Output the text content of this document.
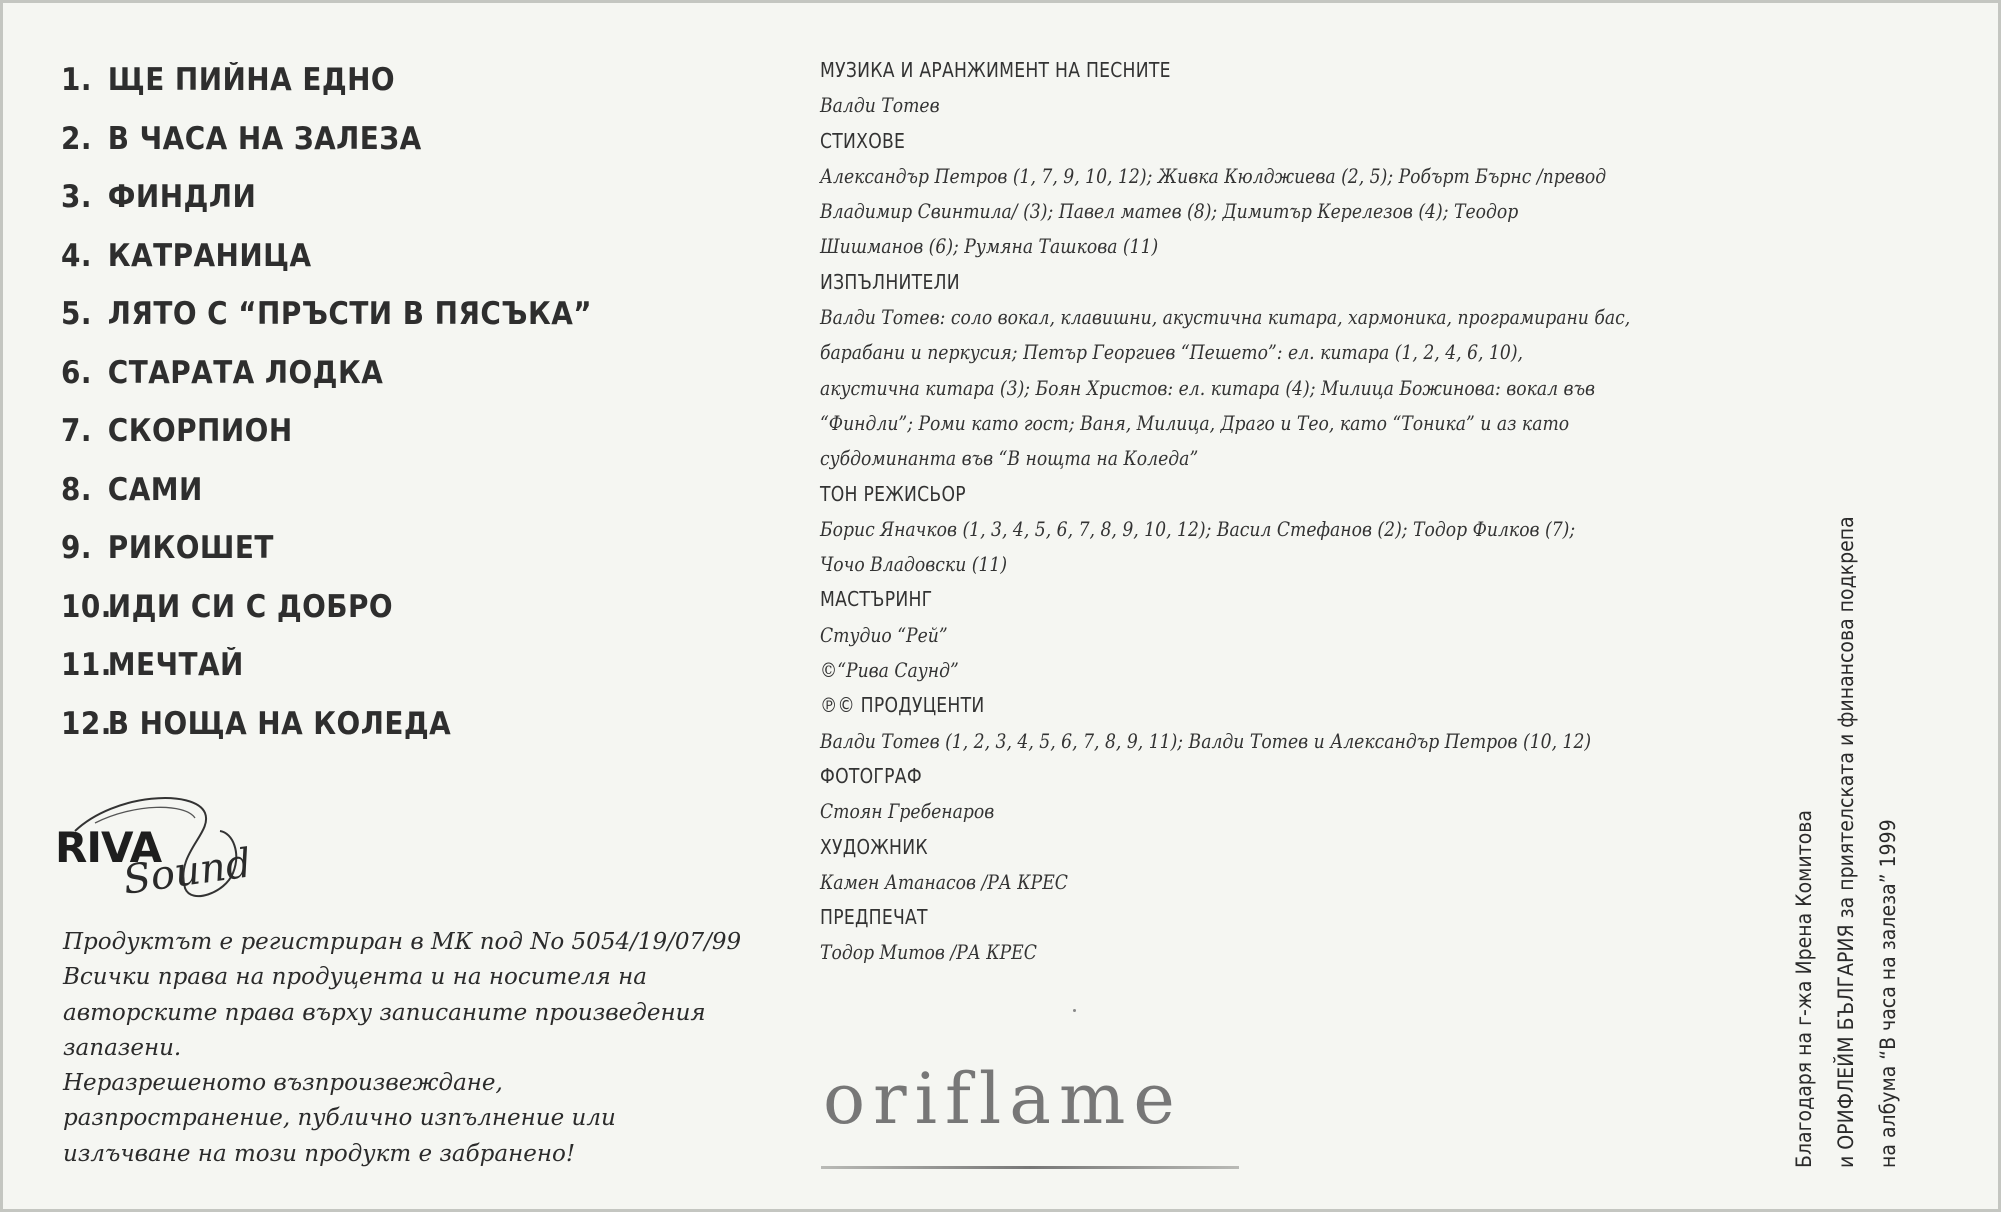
1. ЩЕ ПИЙНА ЕДНО
2. В ЧАСА НА ЗАЛЕЗА
3. ФИНДЛИ
4. КАТРАНИЦА
5. ЛЯТО С “ПРЪСТИ В ПЯСЪКА”
6. СТАРАТА ЛОДКА
7. СКОРПИОН
8. САМИ
9. РИКОШЕТ
10.
ИДИ СИ С ДОБРО
11.
МЕЧТАЙ
12.
В НОЩА НА КОЛЕДА
RIVA
Sound
Продуктът е регистриран в МК под No 5054/19/07/99
Всички права на продуцента и на носителя на
авторските права върху записаните произведения
запазени.
Неразрешеното възпроизвеждане,
разпространение, публично изпълнение или
излъчване на този продукт е забранено!
МУЗИКА И АРАНЖИМЕНТ НА ПЕСНИТЕ
Валди Тотев
СТИХОВЕ
Александър Петров (1, 7, 9, 10, 12); Живка Кюлджиева (2, 5); Робърт Бърнс /превод
Владимир Свинтила/ (3); Павел матев (8); Димитър Керелезов (4); Теодор
Шишманов (6); Румяна Ташкова (11)
ИЗПЪЛНИТЕЛИ
Валди Тотев: соло вокал, клавишни, акустична китара, хармоника, програмирани бас,
барабани и перкусия; Петър Георгиев “Пешето”: ел. китара (1, 2, 4, 6, 10),
акустична китара (3); Боян Христов: ел. китара (4); Милица Божинова: вокал във
“Финдли”; Роми като гост; Ваня, Милица, Драго и Тео, като “Тоника” и аз като
субдоминанта във “В нощта на Коледа”
ТОН РЕЖИСЬОР
Борис Яначков (1, 3, 4, 5, 6, 7, 8, 9, 10, 12); Васил Стефанов (2); Тодор Филков (7);
Чочо Владовски (11)
МАСТЪРИНГ
Студио “Рей”
©“Рива Саунд”
℗© ПРОДУЦЕНТИ
Валди Тотев (1, 2, 3, 4, 5, 6, 7, 8, 9, 11); Валди Тотев и Александър Петров (10, 12)
ФОТОГРАФ
Стоян Гребенаров
ХУДОЖНИК
Камен Атанасов /РА КРЕС
ПРЕДПЕЧАТ
Тодор Митов /РА КРЕС
oriflame	Благодаря на г-жа Ирена Комитова и ОРИФЛЕЙМ БЪЛГАРИЯ за приятелската и финансова подкрепа на албума “В часа на залеза” 1999
